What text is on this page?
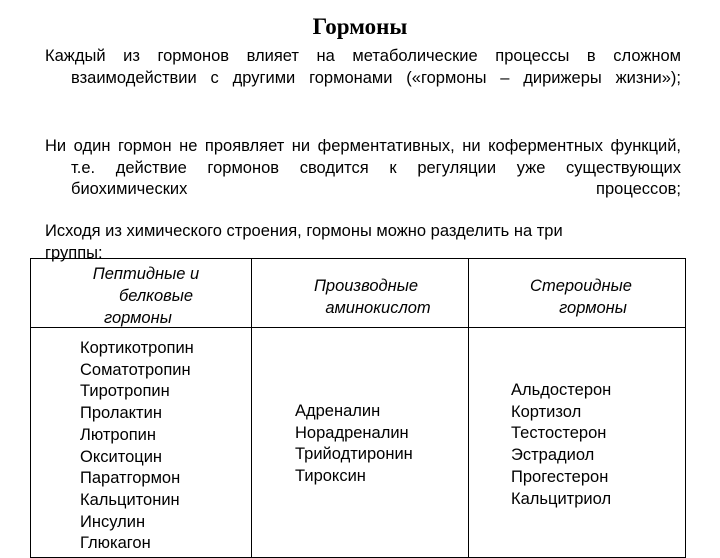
Гормоны

Каждый из гормонов влияет на метаболические процессы в сложном взаимодействии с другими гормонами («гормоны – дирижеры жизни»);

Ни один гормон не проявляет ни ферментативных, ни коферментных функций, т.е. действие гормонов сводится к регуляции уже существующих биохимических процессов;

Исходя из химического строения, гормоны можно разделить на три
группы:

Пептидные и
белковые
гормоны
Производные
аминокислот
Стероидные
гормоны
Кортикотропин
Соматотропин
Тиротропин
Пролактин
Лютропин
Окситоцин
Паратгормон
Кальцитонин
Инсулин
Глюкагон
Адреналин
Норадреналин
Трийодтиронин
Тироксин
Альдостерон
Кортизол
Тестостерон
Эстрадиол
Прогестерон
Кальцитриол
